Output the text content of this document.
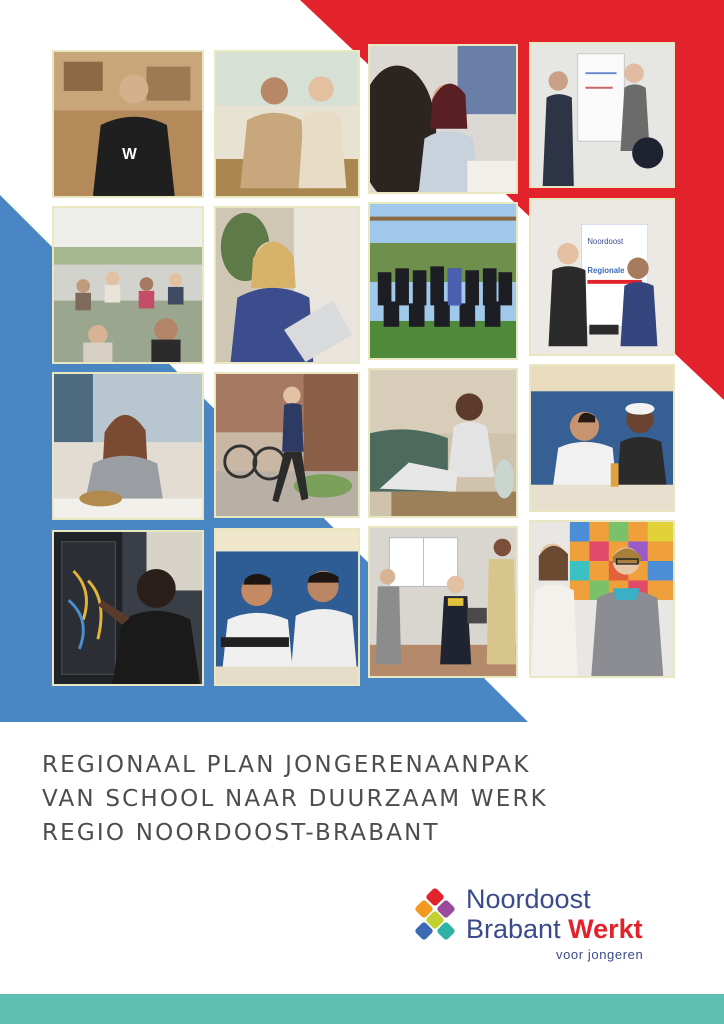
W
Noordoost
Regionale
REGIONAAL PLAN JONGERENAANPAK
VAN SCHOOL NAAR DUURZAAM WERK
REGIO NOORDOOST-BRABANT
Noordoost
Brabant Werkt
voor jongeren
